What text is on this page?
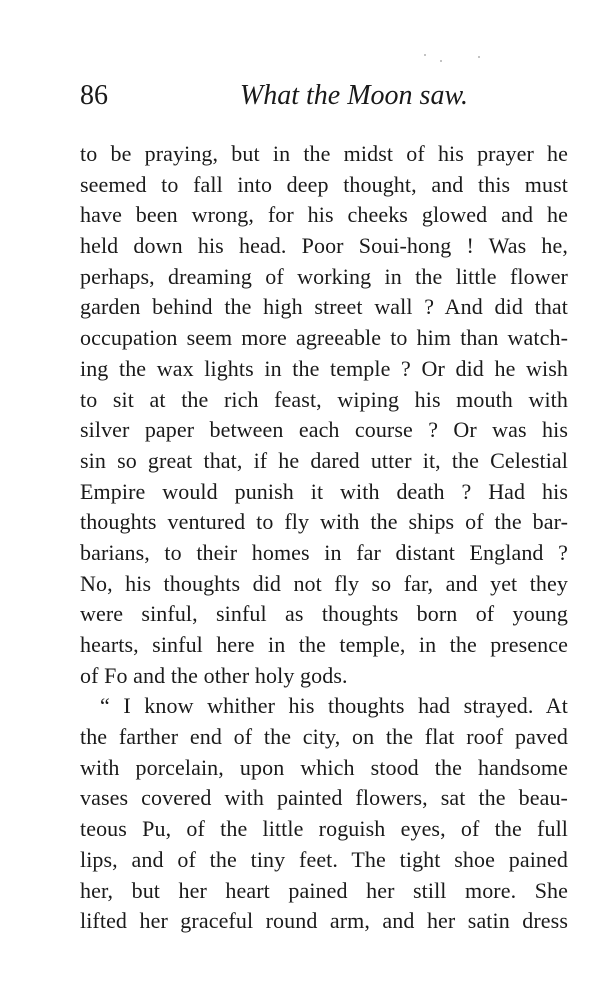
86	What the Moon saw.
to be praying, but in the midst of his prayer he
seemed to fall into deep thought, and this must
have been wrong, for his cheeks glowed and he
held down his head. Poor Soui-hong ! Was he,
perhaps, dreaming of working in the little flower
garden behind the high street wall ? And did that
occupation seem more agreeable to him than watch-
ing the wax lights in the temple ? Or did he wish
to sit at the rich feast, wiping his mouth with
silver paper between each course ? Or was his
sin so great that, if he dared utter it, the Celestial
Empire would punish it with death ? Had his
thoughts ventured to fly with the ships of the bar-
barians, to their homes in far distant England ?
No, his thoughts did not fly so far, and yet they
were sinful, sinful as thoughts born of young
hearts, sinful here in the temple, in the presence
of Fo and the other holy gods.
“ I know whither his thoughts had strayed. At
the farther end of the city, on the flat roof paved
with porcelain, upon which stood the handsome
vases covered with painted flowers, sat the beau-
teous Pu, of the little roguish eyes, of the full
lips, and of the tiny feet. The tight shoe pained
her, but her heart pained her still more. She
lifted her graceful round arm, and her satin dress
